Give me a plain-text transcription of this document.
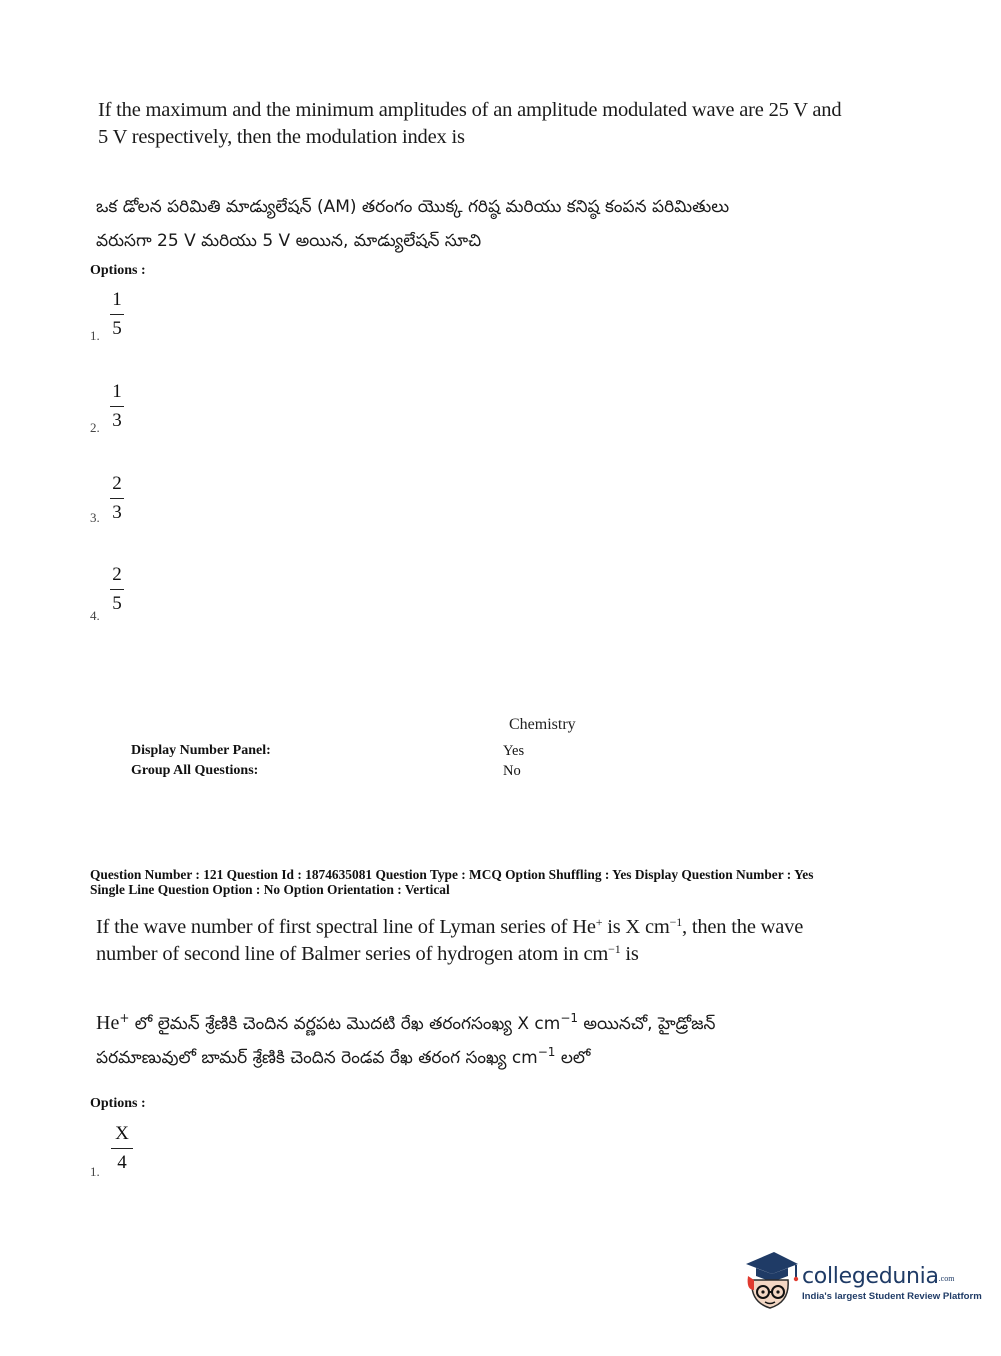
If the maximum and the minimum amplitudes of an amplitude modulated wave are 25 V and
5 V respectively, then the modulation index is
ఒక డోలన పరిమితి మాడ్యులేషన్ (AM) తరంగం యొక్క గరిష్ఠ మరియు కనిష్ఠ కంపన పరిమితులు
వరుసగా 25 V మరియు 5 V అయిన, మాడ్యులేషన్ సూచి
Options :
1.
1
5
2.
1
3
3.
2
3
4.
2
5
Chemistry
Display Number Panel:	Yes
Group All Questions:	No
Question Number : 121 Question Id : 1874635081 Question Type : MCQ Option Shuffling : Yes Display Question Number : Yes
Single Line Question Option : No Option Orientation : Vertical
If the wave number of first spectral line of Lyman series of He+ is X $cm^{-1}$, then the wave
number of second line of Balmer series of hydrogen atom in $cm^{-1}$ is
He+ లో లైమన్ శ్రేణికి చెందిన వర్ణపట మొదటి రేఖ తరంగసంఖ్య X $cm^{-1}$ అయినచో, హైడ్రోజన్
పరమాణువులో బామర్ శ్రేణికి చెందిన రెండవ రేఖ తరంగ సంఖ్య $cm^{-1}$ లలో
Options :
1.
X
4
collegedunia.com
India's largest Student Review Platform
